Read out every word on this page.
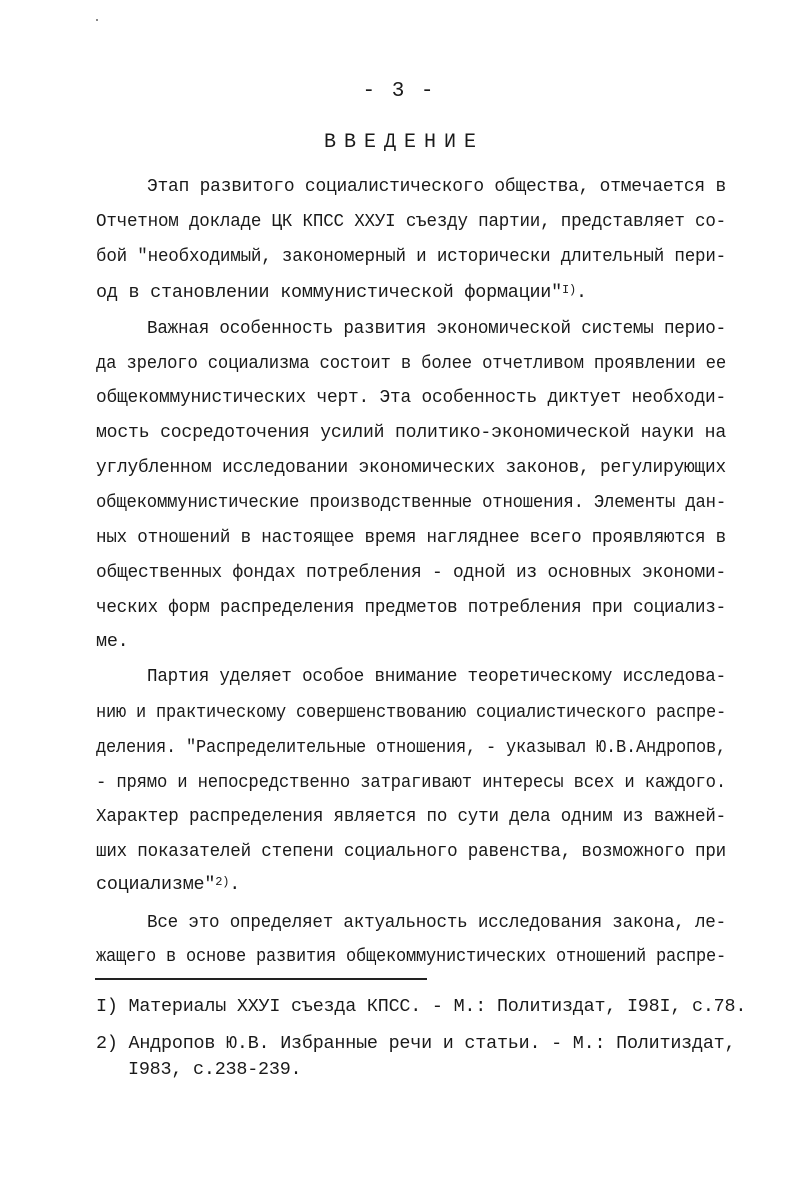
- 3 -
ВВЕДЕНИЕ
Этап развитого социалистического общества, отмечается в
Отчетном докладе ЦК КПСС ХХУI съезду партии, представляет со-
бой "необходимый, закономерный и исторически длительный пери-
од в становлении коммунистической формации"$^{I)}$.
Важная особенность развития экономической системы перио-
да зрелого социализма состоит в более отчетливом проявлении ее
общекоммунистических черт. Эта особенность диктует необходи-
мость сосредоточения усилий политико-экономической науки на
углубленном исследовании экономических законов, регулирующих
общекоммунистические производственные отношения. Элементы дан-
ных отношений в настоящее время нагляднее всего проявляются в
общественных фондах потребления - одной из основных экономи-
ческих форм распределения предметов потребления при социализ-
ме.
Партия уделяет особое внимание теоретическому исследова-
нию и практическому совершенствованию социалистического распре-
деления. "Распределительные отношения, - указывал Ю.В.Андропов,
- прямо и непосредственно затрагивают интересы всех и каждого.
Характер распределения является по сути дела одним из важней-
ших показателей степени социального равенства, возможного при
социализме"$^{2)}$.
Все это определяет актуальность исследования закона, ле-
жащего в основе развития общекоммунистических отношений распре-
I) Материалы ХХУI съезда КПСС. - М.: Политиздат, I98I, с.78.
2) Андропов Ю.В. Избранные речи и статьи. - М.: Политиздат,
I983, с.238-239.
